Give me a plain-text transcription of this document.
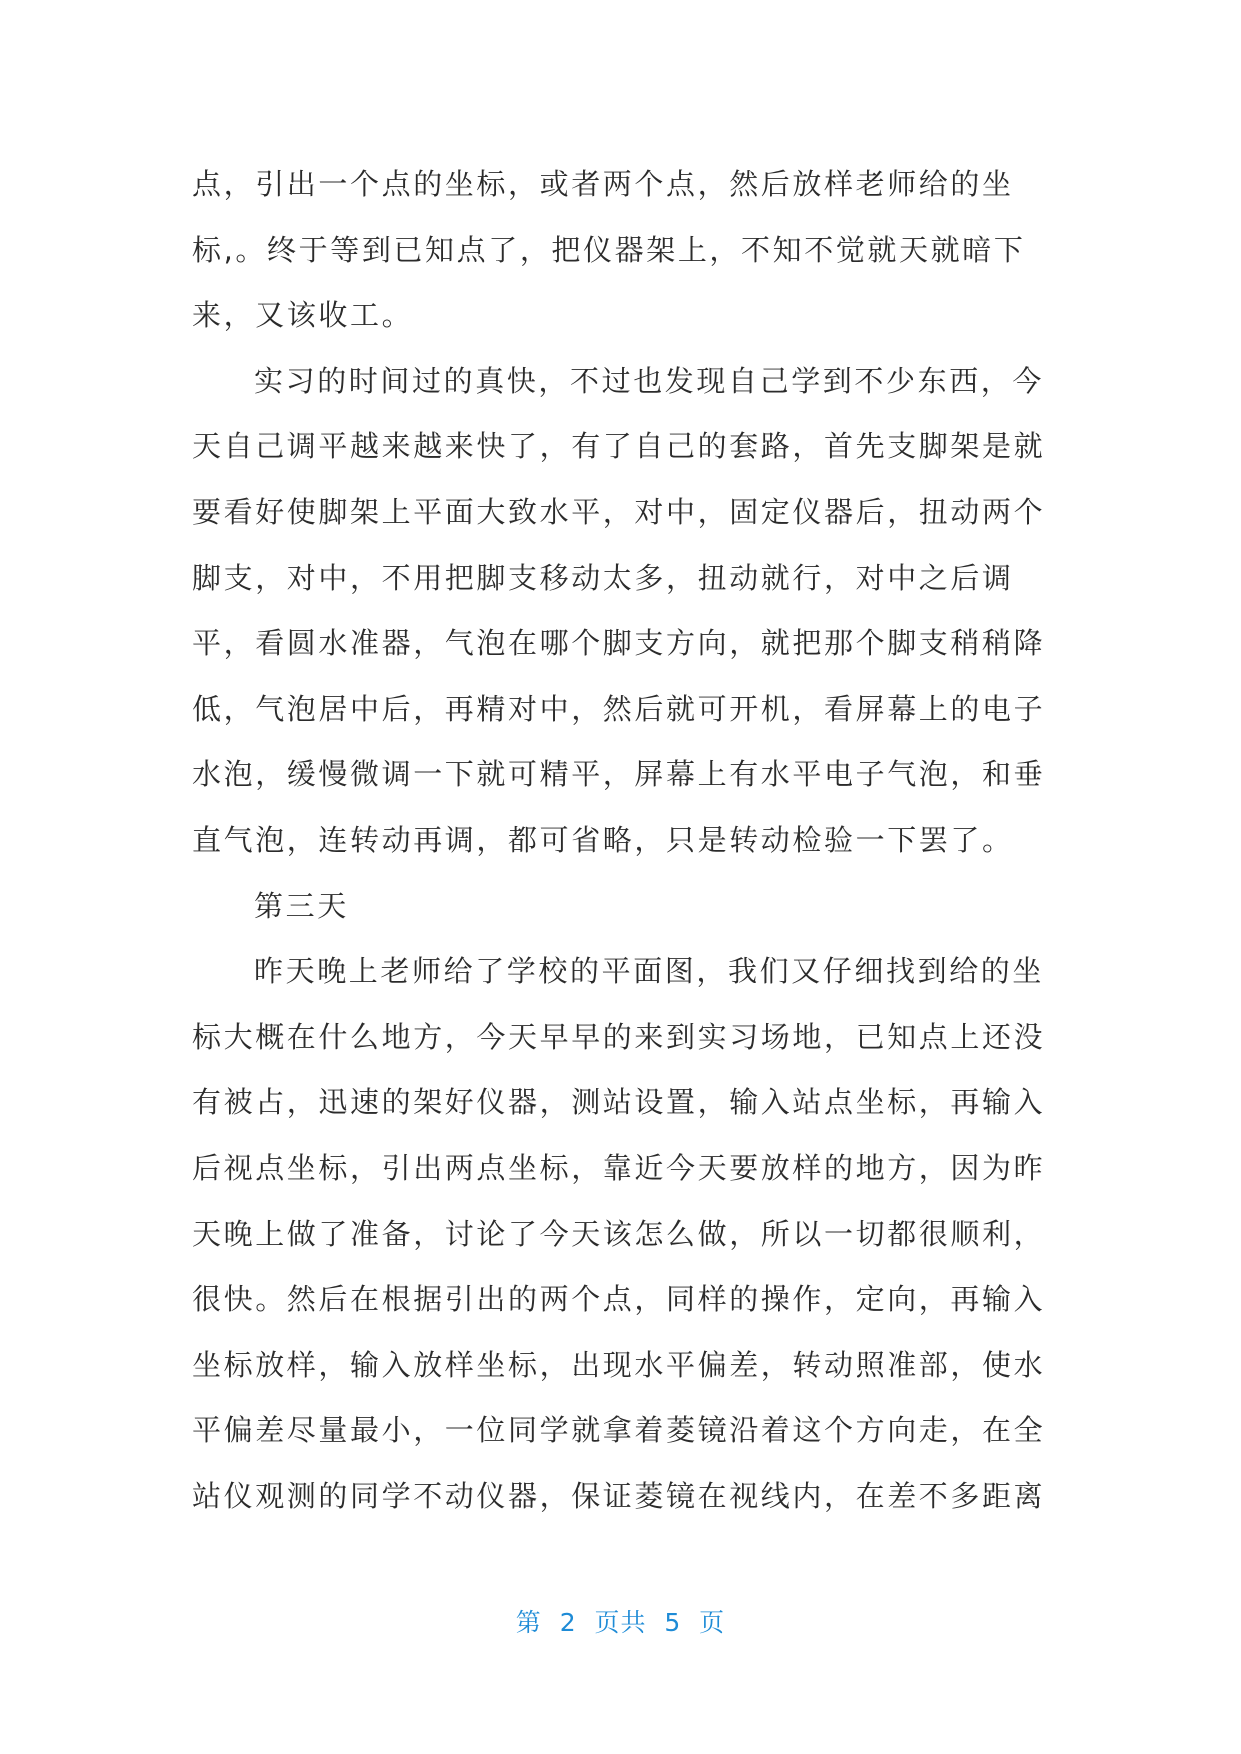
点，引出一个点的坐标，或者两个点，然后放样老师给的坐
标,。终于等到已知点了，把仪器架上，不知不觉就天就暗下
来，又该收工。
实习的时间过的真快，不过也发现自己学到不少东西，今
天自己调平越来越来快了，有了自己的套路，首先支脚架是就
要看好使脚架上平面大致水平，对中，固定仪器后，扭动两个
脚支，对中，不用把脚支移动太多，扭动就行，对中之后调
平，看圆水准器，气泡在哪个脚支方向，就把那个脚支稍稍降
低，气泡居中后，再精对中，然后就可开机，看屏幕上的电子
水泡，缓慢微调一下就可精平，屏幕上有水平电子气泡，和垂
直气泡，连转动再调，都可省略，只是转动检验一下罢了。
第三天
昨天晚上老师给了学校的平面图，我们又仔细找到给的坐
标大概在什么地方，今天早早的来到实习场地，已知点上还没
有被占，迅速的架好仪器，测站设置，输入站点坐标，再输入
后视点坐标，引出两点坐标，靠近今天要放样的地方，因为昨
天晚上做了准备，讨论了今天该怎么做，所以一切都很顺利，
很快。然后在根据引出的两个点，同样的操作，定向，再输入
坐标放样，输入放样坐标，出现水平偏差，转动照准部，使水
平偏差尽量最小，一位同学就拿着菱镜沿着这个方向走，在全
站仪观测的同学不动仪器，保证菱镜在视线内，在差不多距离
第  2  页共  5  页
